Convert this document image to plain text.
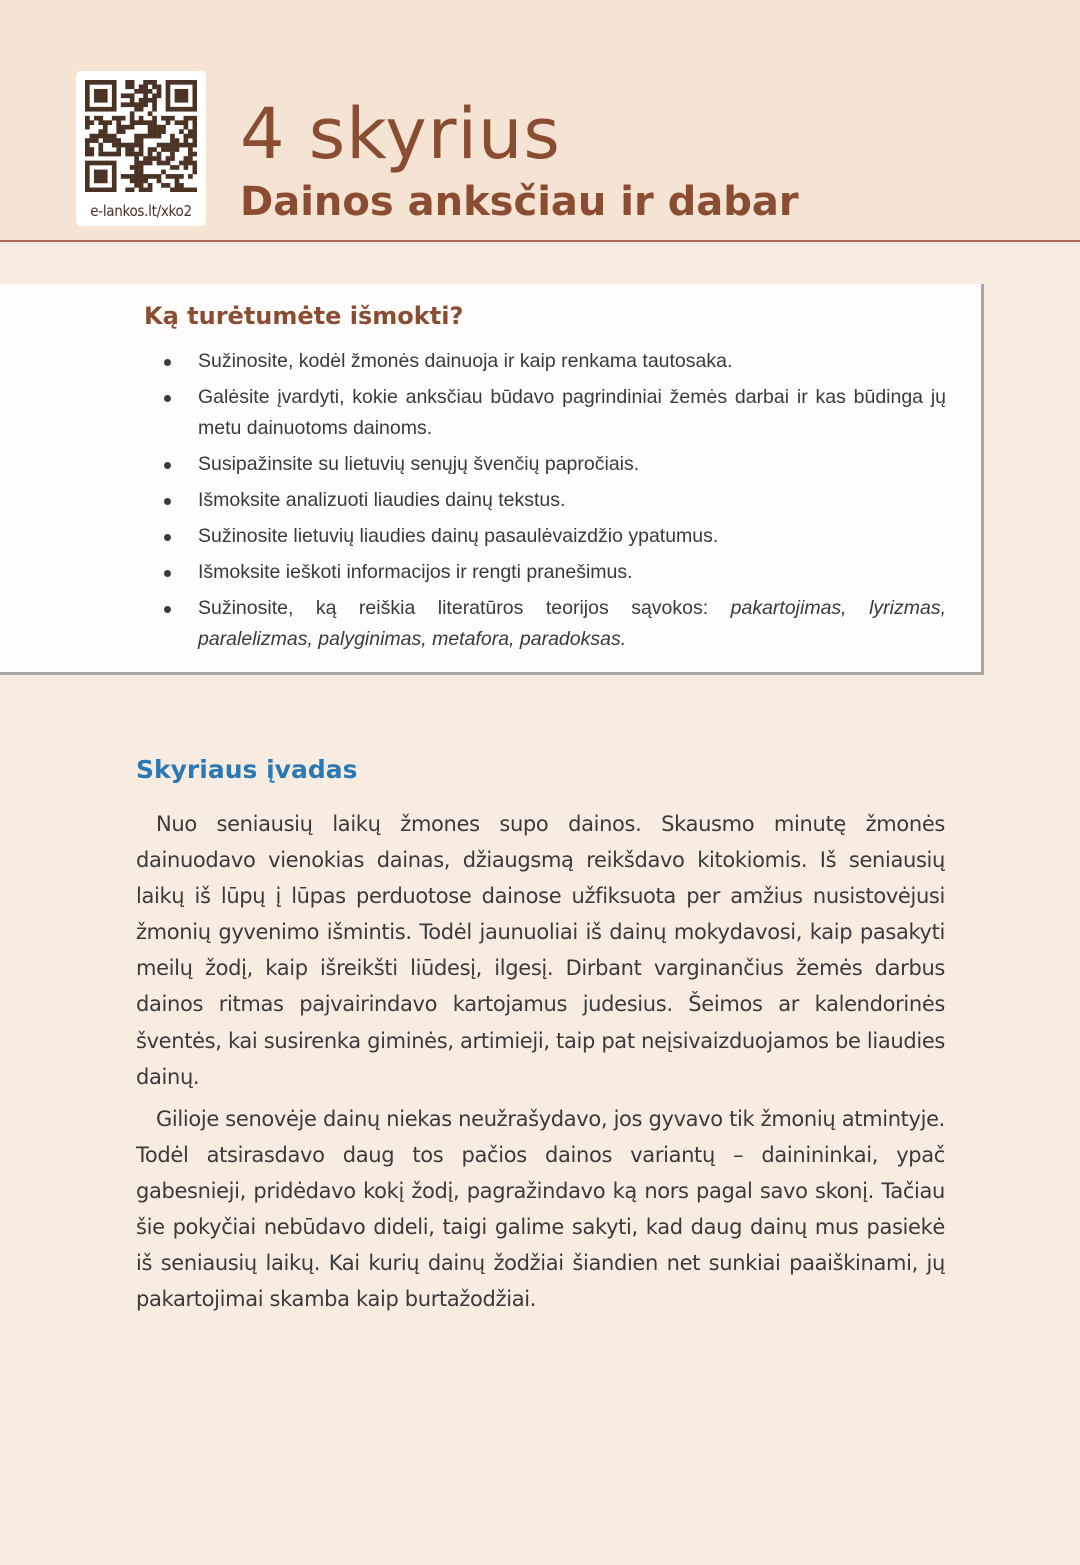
e-lankos.lt/xko2
4 skyrius
Dainos anksčiau ir dabar
Ką turėtumėte išmokti?
Sužinosite, kodėl žmonės dainuoja ir kaip renkama tautosaka.
Galėsite įvardyti, kokie anksčiau būdavo pagrindiniai žemės darbai ir kas būdinga jų metu dainuotoms dainoms.
Susipažinsite su lietuvių senųjų švenčių papročiais.
Išmoksite analizuoti liaudies dainų tekstus.
Sužinosite lietuvių liaudies dainų pasaulėvaizdžio ypatumus.
Išmoksite ieškoti informacijos ir rengti pranešimus.
Sužinosite, ką reiškia literatūros teorijos sąvokos: pakartojimas, lyrizmas, paralelizmas, palyginimas, metafora, paradoksas.
Skyriaus įvadas

Nuo seniausių laikų žmones supo dainos. Skausmo minutę žmonės dainuodavo vienokias dainas, džiaugsmą reikšdavo kitokiomis. Iš seniausių laikų iš lūpų į lūpas perduotose dainose užfiksuota per amžius nusistovėjusi žmonių gyvenimo išmintis. Todėl jaunuoliai iš dainų mokydavosi, kaip pasakyti meilų žodį, kaip išreikšti liūdesį, ilgesį. Dirbant varginančius žemės darbus dainos ritmas pajvairindavo kartojamus judesius. Šeimos ar kalendorinės šventės, kai susirenka giminės, artimieji, taip pat neįsivaizduojamos be liaudies dainų.

Gilioje senovėje dainų niekas neužrašydavo, jos gyvavo tik žmonių atmintyje. Todėl atsirasdavo daug tos pačios dainos variantų – dainininkai, ypač gabesnieji, pridėdavo kokį žodį, pagražindavo ką nors pagal savo skonį. Tačiau šie pokyčiai nebūdavo dideli, taigi galime sakyti, kad daug dainų mus pasiekė iš seniausių laikų. Kai kurių dainų žodžiai šiandien net sunkiai paaiškinami, jų pakartojimai skamba kaip burtažodžiai.
